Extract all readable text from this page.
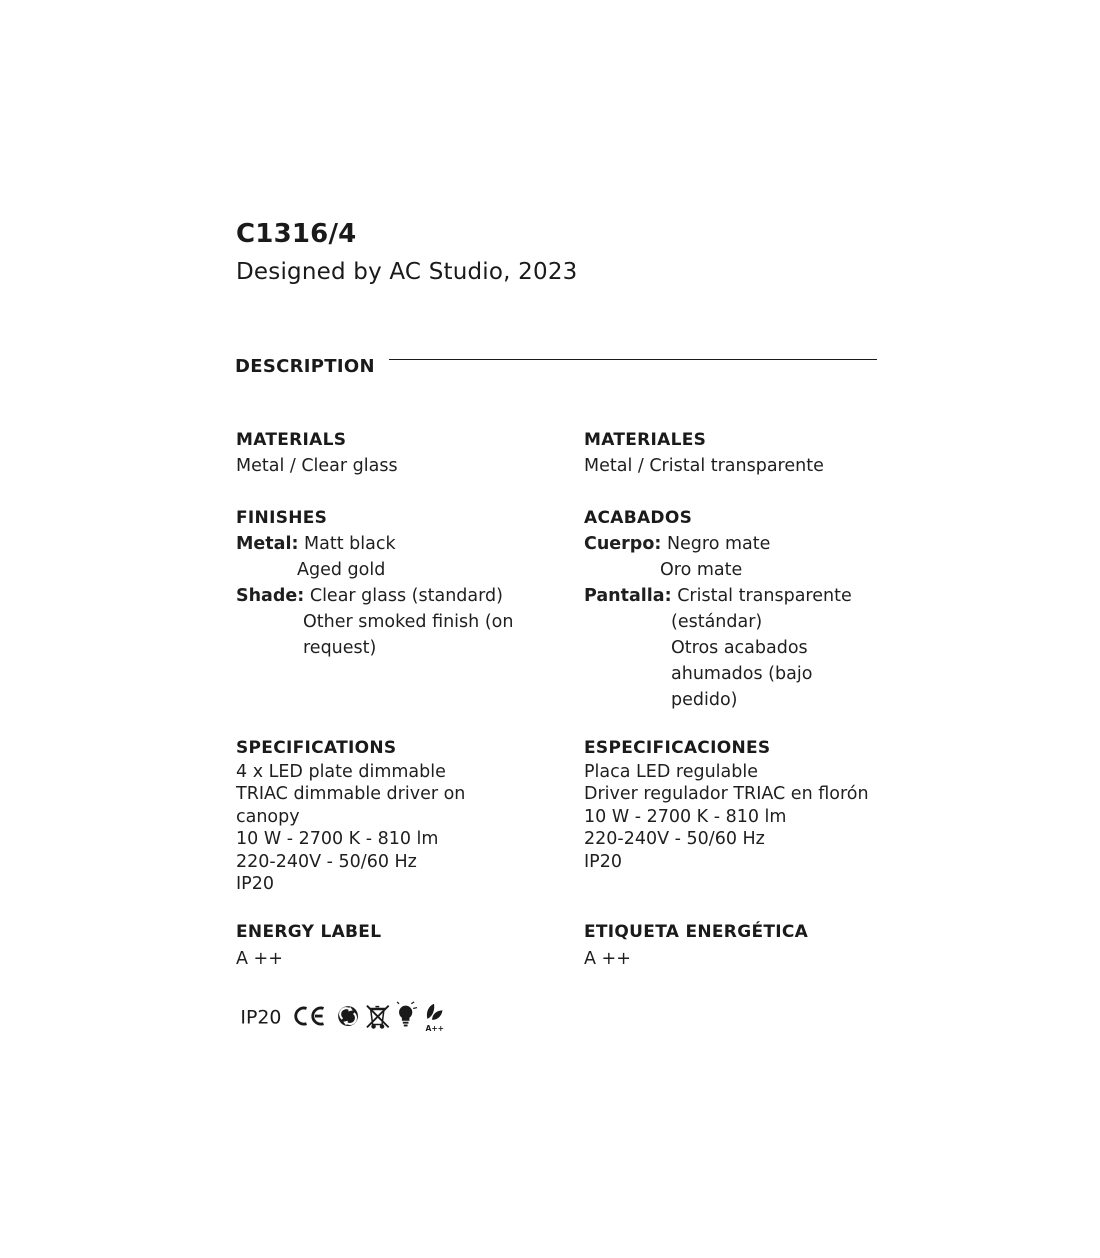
C1316/4
Designed by AC Studio, 2023
DESCRIPTION
MATERIALS
Metal / Clear glass
FINISHES
Metal: Matt black
Aged gold
Shade: Clear glass (standard)
Other smoked finish (on
request)
SPECIFICATIONS
4 x LED plate dimmable
TRIAC dimmable driver on
canopy
10 W - 2700 K - 810 lm
220-240V - 50/60 Hz
IP20
ENERGY LABEL
A ++
MATERIALES
Metal / Cristal transparente
ACABADOS
Cuerpo: Negro mate
Oro mate
Pantalla: Cristal transparente
(estándar)
Otros acabados
ahumados (bajo
pedido)
ESPECIFICACIONES
Placa LED regulable
Driver regulador TRIAC en florón
10 W - 2700 K - 810 lm
220-240V - 50/60 Hz
IP20
ETIQUETA ENERGÉTICA
A ++
IP20
A++
